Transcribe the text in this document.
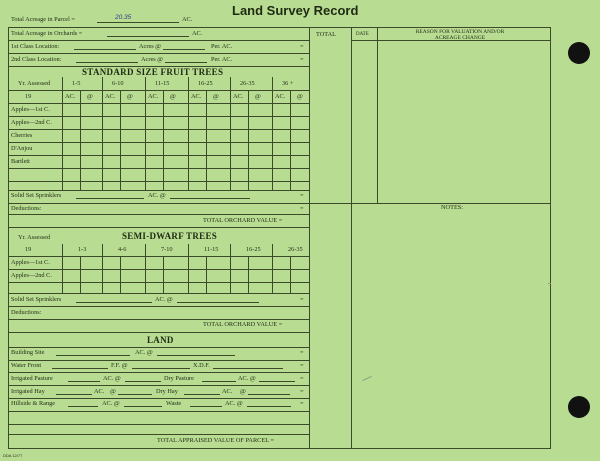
Land Survey Record
Total Acreage in Parcel =	20.35	AC.
TOTAL	DATE	REASON FOR VALUATION AND/OR ACREAGE CHANGE
Total Acreage in Orchards =	AC.
1st Class Location:	Acres @	Per. AC.	=
2nd Class Location:	Acres @	Per. AC.	=
STANDARD SIZE FRUIT TREES
Yr. Assessed	1-5	6-10	11-15	16-25	26-35	36 +
19	AC. @ AC. @ AC. @ AC. @ AC. @ AC. @
Apples—1st C.
Apples—2nd C.
Cherries
D'Anjou
Bartlett
Solid Set Sprinklers	AC. @	=
NOTES:
Deductions:	=
TOTAL ORCHARD VALUE =
Yr. Assessed	SEMI-DWARF TREES
1-3	4-6	7-10	11-15	16-25	26-35
19
Apples—1st C.
Apples—2nd C.
Solid Set Sprinklers	AC. @	=
Deductions:
TOTAL ORCHARD VALUE =
LAND
Building Site	AC. @	=
Water Front	F.F. @	X.D.F.	=
Irrigated Pasture	AC. @	Dry Pasture	AC. @	=
Irrigated Hay	AC. @	Dry Hay	AC. @	=
Hillside & Range	AC. @	Waste	AC. @	=
TOTAL APPRAISED VALUE OF PARCEL =
DDA 12/77
